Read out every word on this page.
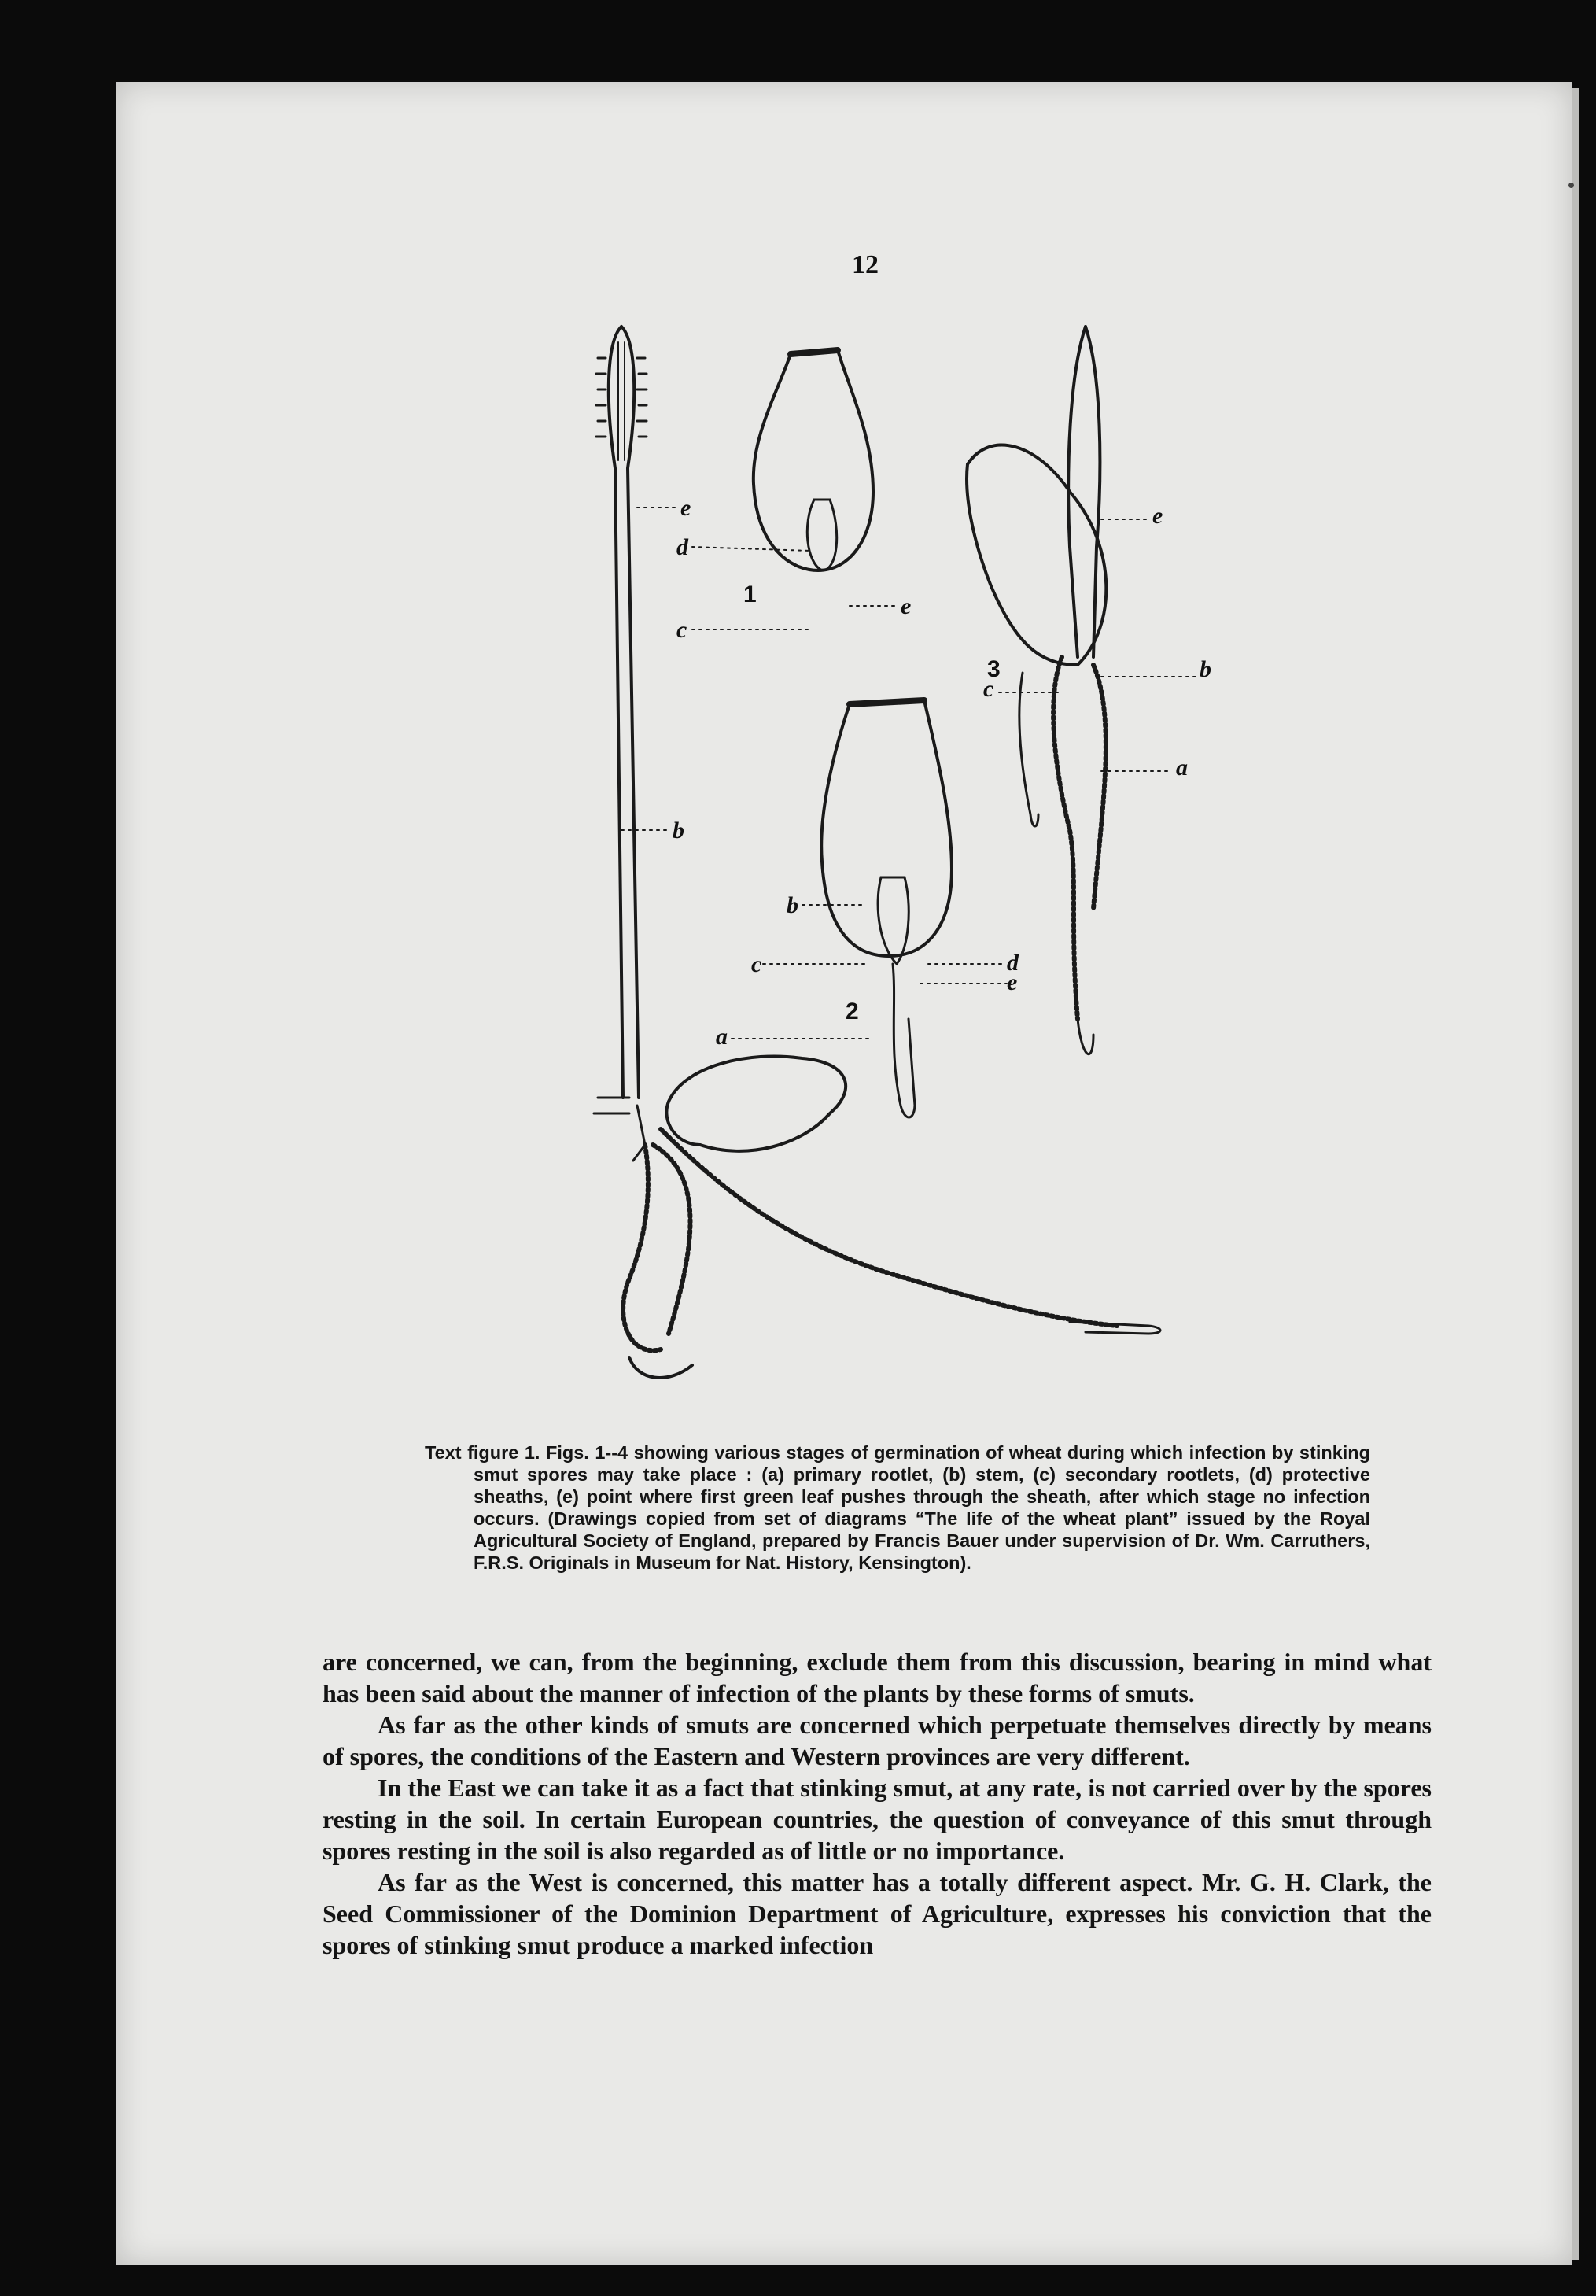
12
e
b
d
c
e
e
b
c
a
b
c	d
e
a
1
2
3
Text figure 1. Figs. 1--4 showing various stages of germination of wheat during which infection by stinking smut spores may take place : (a) primary rootlet, (b) stem, (c) secondary rootlets, (d) protective sheaths, (e) point where first green leaf pushes through the sheath, after which stage no infection occurs. (Drawings copied from set of diagrams “The life of the wheat plant” issued by the Royal Agricultural Society of England, prepared by Francis Bauer under supervision of Dr. Wm. Carruthers, F.R.S. Originals in Museum for Nat. History, Kensington).

are concerned, we can, from the beginning, exclude them from this discussion, bearing in mind what has been said about the manner of infection of the plants by these forms of smuts.

As far as the other kinds of smuts are concerned which perpetuate themselves directly by means of spores, the conditions of the Eastern and Western provinces are very different.

In the East we can take it as a fact that stinking smut, at any rate, is not carried over by the spores resting in the soil. In certain European countries, the question of conveyance of this smut through spores resting in the soil is also regarded as of little or no importance.

As far as the West is concerned, this matter has a totally different aspect. Mr. G. H. Clark, the Seed Commissioner of the Dominion Department of Agriculture, expresses his conviction that the spores of stinking smut produce a marked infection
